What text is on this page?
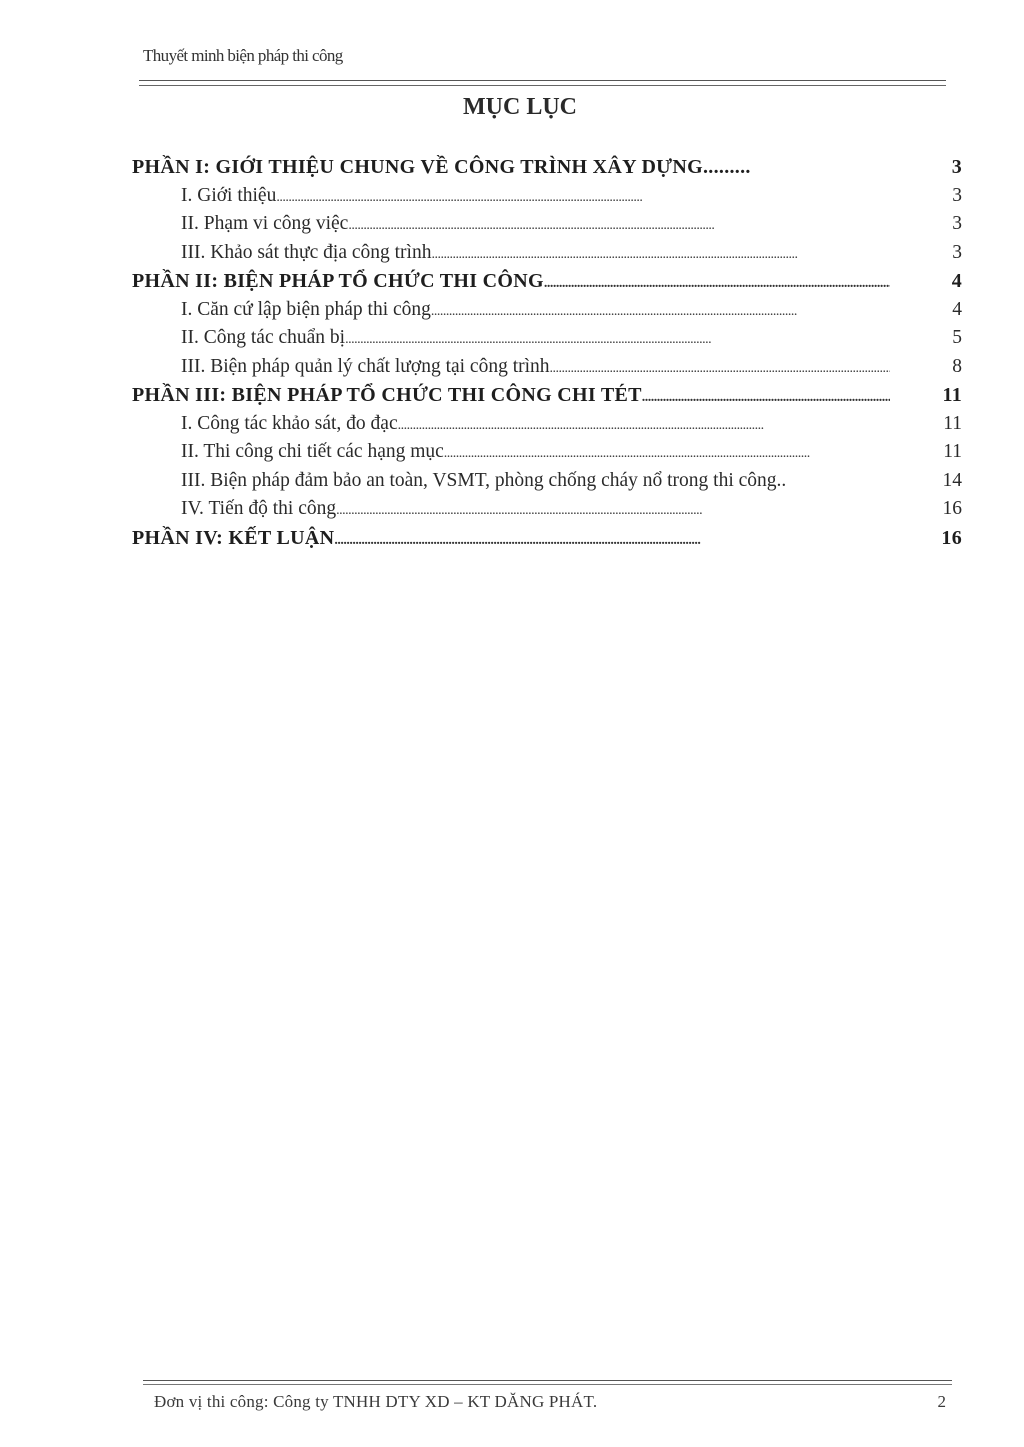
Thuyết minh biện pháp thi công
MỤC LỤC
PHẦN I: GIỚI THIỆU CHUNG VỀ CÔNG TRÌNH XÂY DỰNG.........	3
I. Giới thiệu . . .	3
II. Phạm vi công việc . . .	3
III. Khảo sát thực địa công trình . . .	3
PHẦN II: BIỆN PHÁP TỔ CHỨC THI CÔNG . . .	4
I. Căn cứ lập biện pháp thi công . . .	4
II. Công tác chuẩn bị . . .	5
III. Biện pháp quản lý chất lượng tại công trình . . .	8
PHẦN III: BIỆN PHÁP TỔ CHỨC THI CÔNG CHI TÉT . . .	11
I. Công tác khảo sát, đo đạc . . .	11
II. Thi công chi tiết các hạng mục . . .	11
III. Biện pháp đảm bảo an toàn, VSMT, phòng chống cháy nổ trong thi công..	14
IV. Tiến độ thi công . . .	16
PHẦN IV: KẾT LUẬN . . .	16
Đơn vị thi công: Công ty TNHH DTY XD – KT DĂNG PHÁT.	2
